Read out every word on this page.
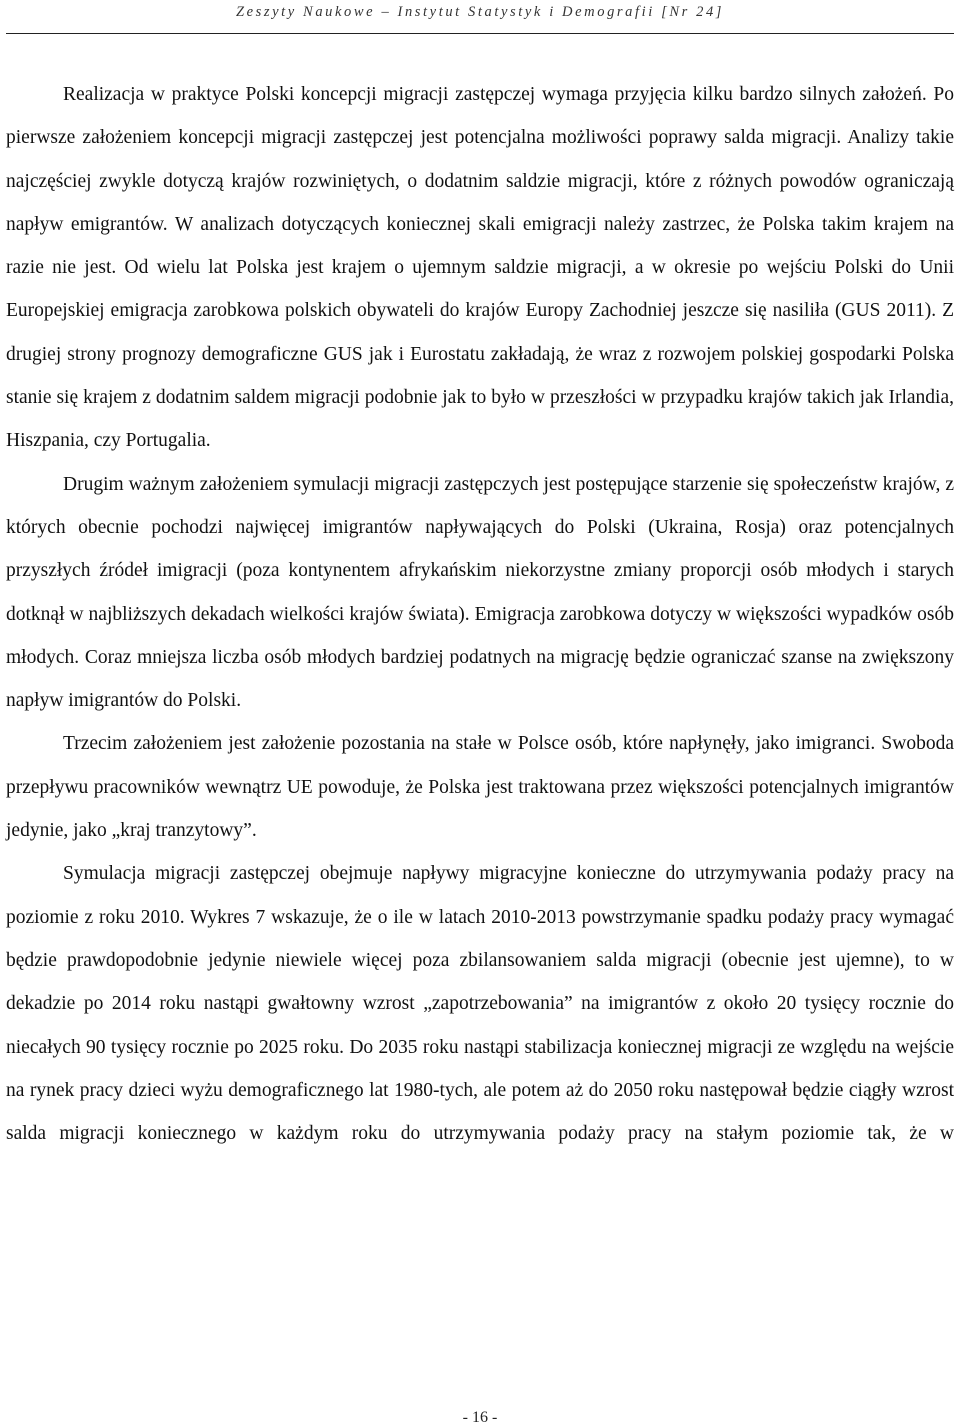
Zeszyty Naukowe – Instytut Statystyk i Demografii [Nr 24]

Realizacja w praktyce Polski koncepcji migracji zastępczej wymaga przyjęcia kilku bardzo silnych założeń. Po pierwsze założeniem koncepcji migracji zastępczej jest potencjalna możliwości poprawy salda migracji. Analizy takie najczęściej zwykle dotyczą krajów rozwiniętych, o dodatnim saldzie migracji, które z różnych powodów ograniczają napływ emigrantów. W analizach dotyczących koniecznej skali emigracji należy zastrzec, że Polska takim krajem na razie nie jest. Od wielu lat Polska jest krajem o ujemnym saldzie migracji, a w okresie po wejściu Polski do Unii Europejskiej emigracja zarobkowa polskich obywateli do krajów Europy Zachodniej jeszcze się nasiliła (GUS 2011). Z drugiej strony prognozy demograficzne GUS jak i Eurostatu zakładają, że wraz z rozwojem polskiej gospodarki Polska stanie się krajem z dodatnim saldem migracji podobnie jak to było w przeszłości w przypadku krajów takich jak Irlandia, Hiszpania, czy Portugalia.

Drugim ważnym założeniem symulacji migracji zastępczych jest postępujące starzenie się społeczeństw krajów, z których obecnie pochodzi najwięcej imigrantów napływających do Polski (Ukraina, Rosja) oraz potencjalnych przyszłych źródeł imigracji (poza kontynentem afrykańskim niekorzystne zmiany proporcji osób młodych i starych dotknął w najbliższych dekadach wielkości krajów świata). Emigracja zarobkowa dotyczy w większości wypadków osób młodych. Coraz mniejsza liczba osób młodych bardziej podatnych na migrację będzie ograniczać szanse na zwiększony napływ imigrantów do Polski.

Trzecim założeniem jest założenie pozostania na stałe w Polsce osób, które napłynęły, jako imigranci. Swoboda przepływu pracowników wewnątrz UE powoduje, że Polska jest traktowana przez większości potencjalnych imigrantów jedynie, jako „kraj tranzytowy”.

Symulacja migracji zastępczej obejmuje napływy migracyjne konieczne do utrzymywania podaży pracy na poziomie z roku 2010. Wykres 7 wskazuje, że o ile w latach 2010-2013 powstrzymanie spadku podaży pracy wymagać będzie prawdopodobnie jedynie niewiele więcej poza zbilansowaniem salda migracji (obecnie jest ujemne), to w dekadzie po 2014 roku nastąpi gwałtowny wzrost „zapotrzebowania” na imigrantów z około 20 tysięcy rocznie do niecałych 90 tysięcy rocznie po 2025 roku. Do 2035 roku nastąpi stabilizacja koniecznej migracji ze względu na wejście na rynek pracy dzieci wyżu demograficznego lat 1980-tych, ale potem aż do 2050 roku następował będzie ciągły wzrost salda migracji koniecznego w każdym roku do utrzymywania podaży pracy na stałym poziomie tak, że w

- 16 -
